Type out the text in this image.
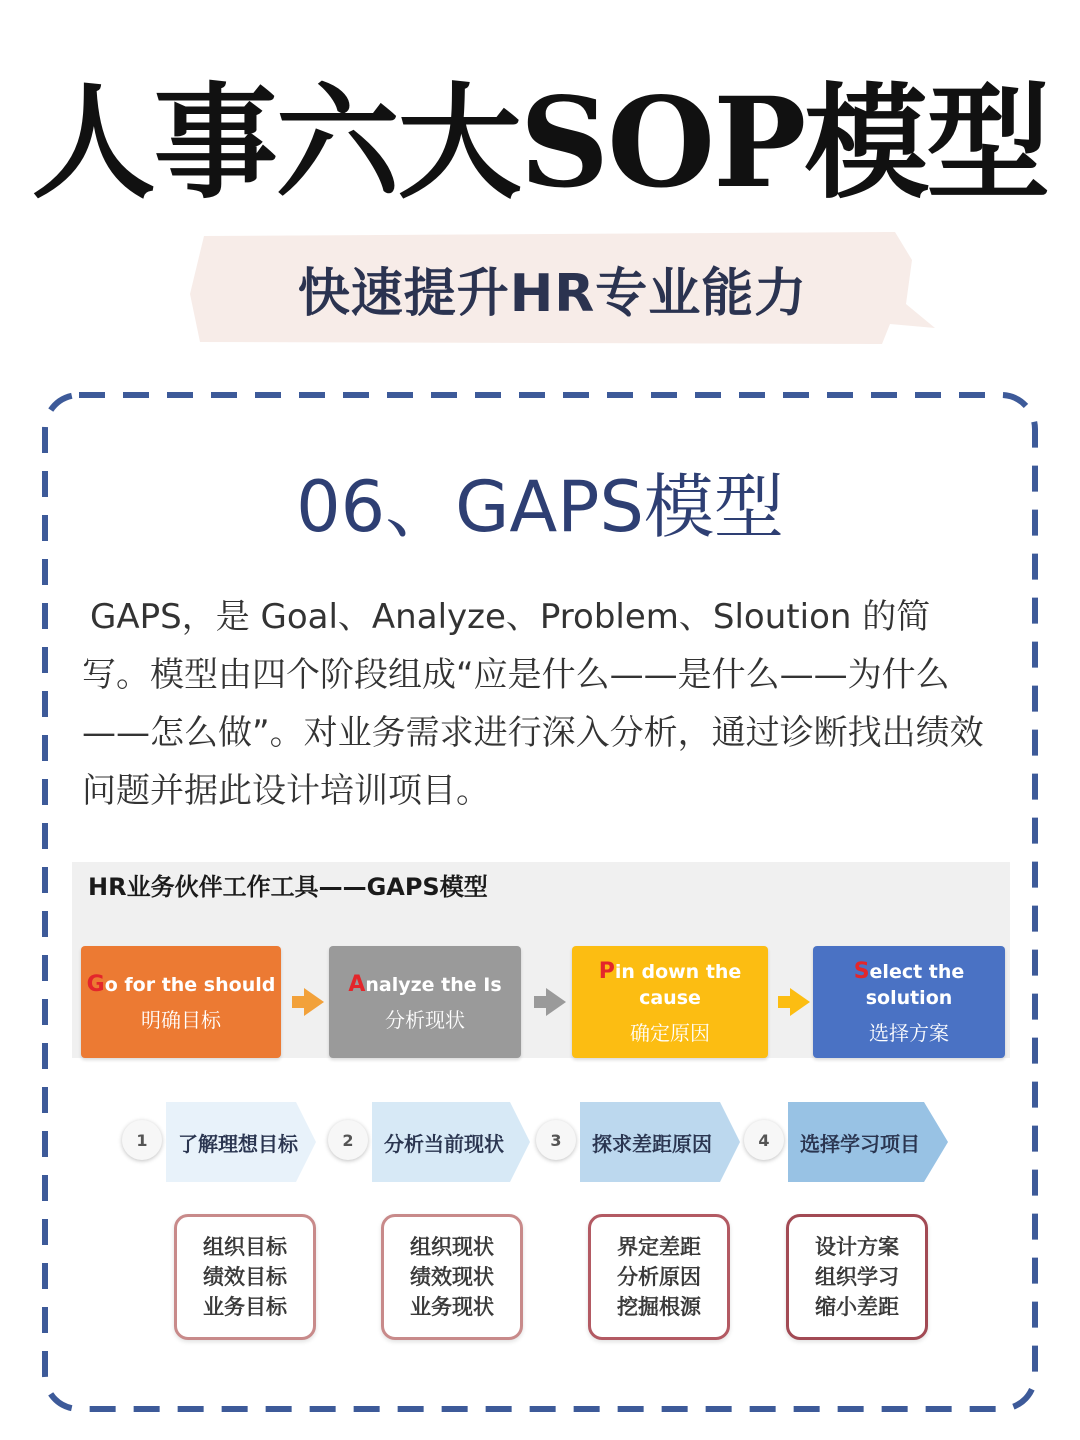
人事六大SOP模型
快速提升HR专业能力
06、GAPS模型
GAPS，是 Goal、Analyze、Problem、Sloution 的简写。模型由四个阶段组成“应是什么——是什么——为什么——怎么做”。对业务需求进行深入分析，通过诊断找出绩效问题并据此设计培训项目。
HR业务伙伴工作工具——GAPS模型
Go for the should
明确目标
Analyze the Is
分析现状
Pin down the cause
确定原因
Select the solution
选择方案
1	了解理想目标	2	分析当前现状	3	探求差距原因	4	选择学习项目
组织目标
绩效目标
业务目标
组织现状
绩效现状
业务现状
界定差距
分析原因
挖掘根源
设计方案
组织学习
缩小差距
